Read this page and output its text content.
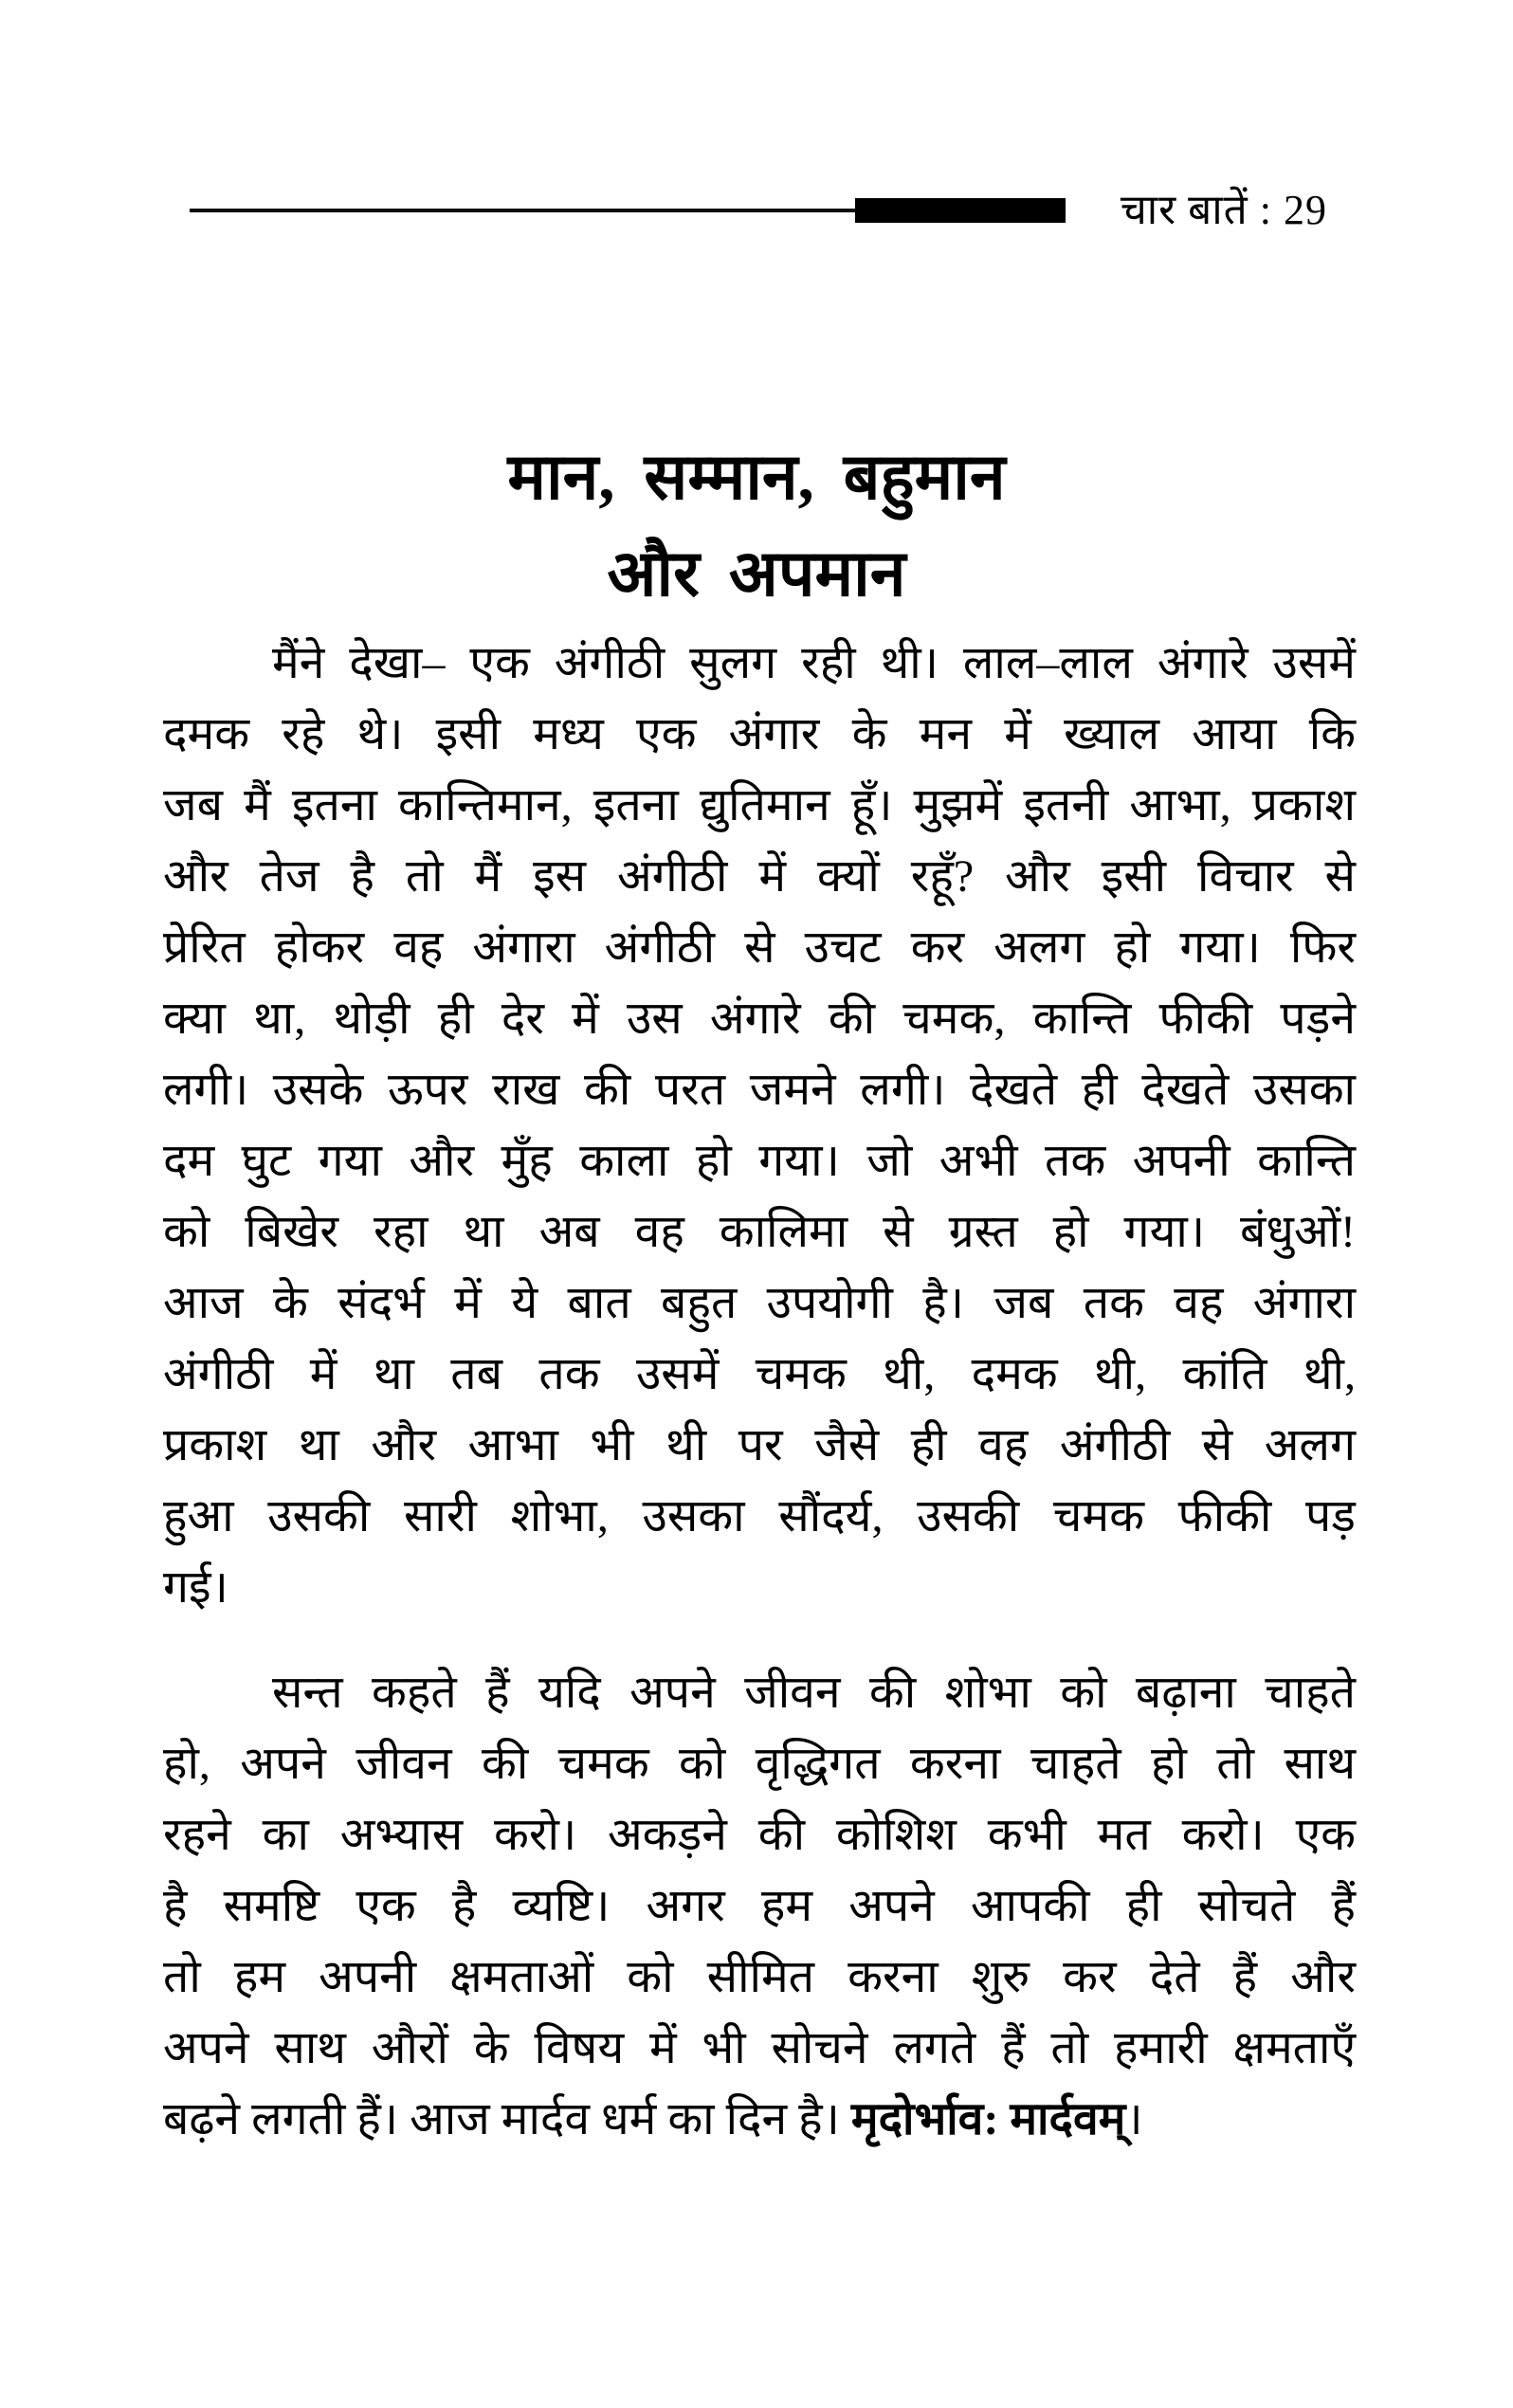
चार बातें : 29
मान, सम्मान, बहुमान
और अपमान
मैंने देखा– एक अंगीठी सुलग रही थी। लाल–लाल अंगारे उसमें
दमक रहे थे। इसी मध्य एक अंगार के मन में ख्याल आया कि
जब मैं इतना कान्तिमान, इतना द्युतिमान हूँ। मुझमें इतनी आभा, प्रकाश
और तेज है तो मैं इस अंगीठी में क्यों रहूँ? और इसी विचार से
प्रेरित होकर वह अंगारा अंगीठी से उचट कर अलग हो गया। फिर
क्या था, थोड़ी ही देर में उस अंगारे की चमक, कान्ति फीकी पड़ने
लगी। उसके ऊपर राख की परत जमने लगी। देखते ही देखते उसका
दम घुट गया और मुँह काला हो गया। जो अभी तक अपनी कान्ति
को बिखेर रहा था अब वह कालिमा से ग्रस्त हो गया। बंधुओं!
आज के संदर्भ में ये बात बहुत उपयोगी है। जब तक वह अंगारा
अंगीठी में था तब तक उसमें चमक थी, दमक थी, कांति थी,
प्रकाश था और आभा भी थी पर जैसे ही वह अंगीठी से अलग
हुआ उसकी सारी शोभा, उसका सौंदर्य, उसकी चमक फीकी पड़
गई।
सन्त कहते हैं यदि अपने जीवन की शोभा को बढ़ाना चाहते
हो, अपने जीवन की चमक को वृद्धिगत करना चाहते हो तो साथ
रहने का अभ्यास करो। अकड़ने की कोशिश कभी मत करो। एक
है समष्टि एक है व्यष्टि। अगर हम अपने आपकी ही सोचते हैं
तो हम अपनी क्षमताओं को सीमित करना शुरु कर देते हैं और
अपने साथ औरों के विषय में भी सोचने लगते हैं तो हमारी क्षमताएँ
बढ़ने लगती हैं। आज मार्दव धर्म का दिन है। मृदोर्भाव: मार्दवम्।
